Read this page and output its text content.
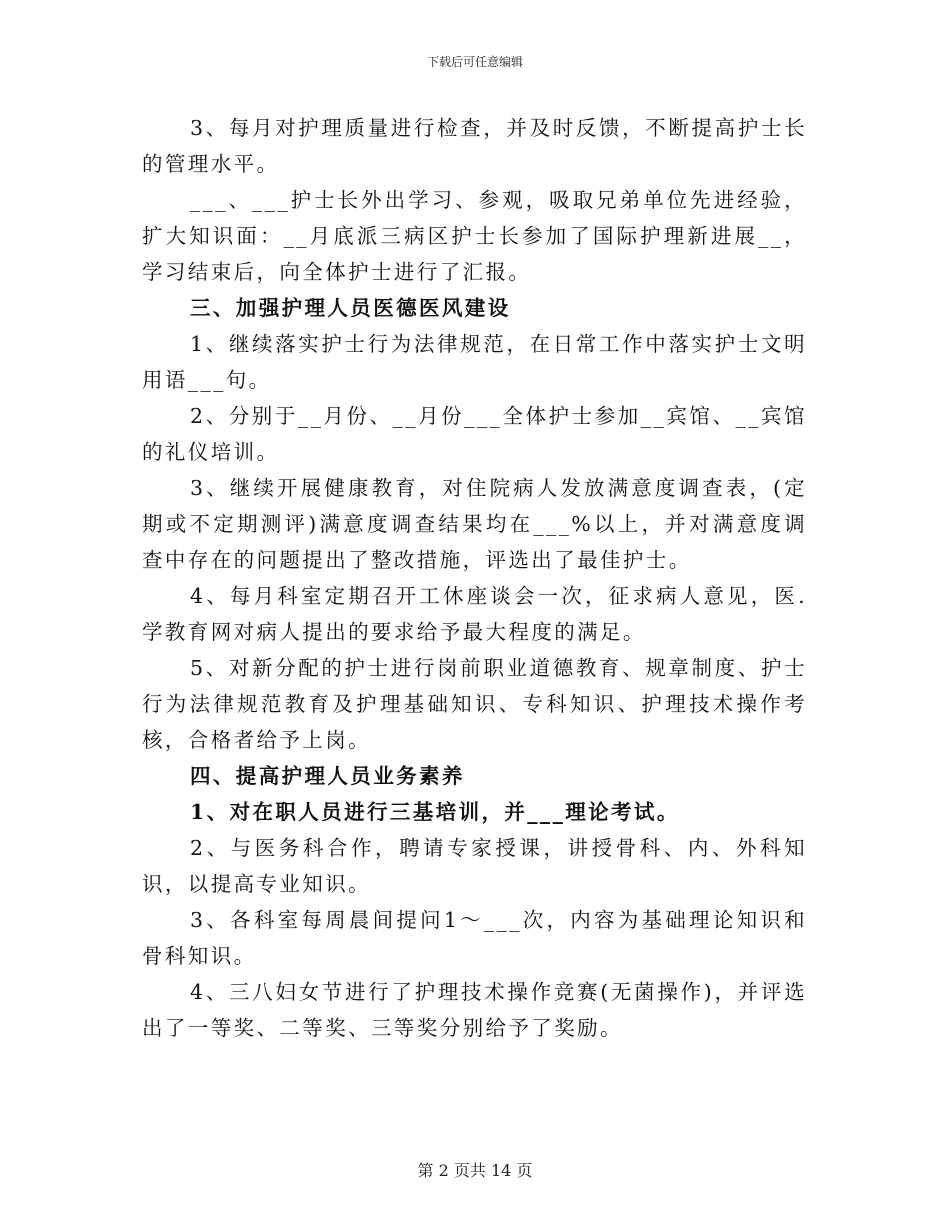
下载后可任意编辑

3、每月对护理质量进行检查，并及时反馈，不断提高护士长的管理水平。

___、___护士长外出学习、参观，吸取兄弟单位先进经验，扩大知识面：__月底派三病区护士长参加了国际护理新进展__，学习结束后，向全体护士进行了汇报。

三、加强护理人员医德医风建设

1、继续落实护士行为法律规范，在日常工作中落实护士文明用语___句。

2、分别于__月份、__月份___全体护士参加__宾馆、__宾馆的礼仪培训。

3、继续开展健康教育，对住院病人发放满意度调查表，(定期或不定期测评)满意度调查结果均在___%以上，并对满意度调查中存在的问题提出了整改措施，评选出了最佳护士。

4、每月科室定期召开工休座谈会一次，征求病人意见，医.学教育网对病人提出的要求给予最大程度的满足。

5、对新分配的护士进行岗前职业道德教育、规章制度、护士行为法律规范教育及护理基础知识、专科知识、护理技术操作考核，合格者给予上岗。

四、提高护理人员业务素养

1、对在职人员进行三基培训，并___理论考试。

2、与医务科合作，聘请专家授课，讲授骨科、内、外科知识，以提高专业知识。

3、各科室每周晨间提问1～___次，内容为基础理论知识和骨科知识。

4、三八妇女节进行了护理技术操作竞赛(无菌操作)，并评选出了一等奖、二等奖、三等奖分别给予了奖励。

第 2 页共 14 页
